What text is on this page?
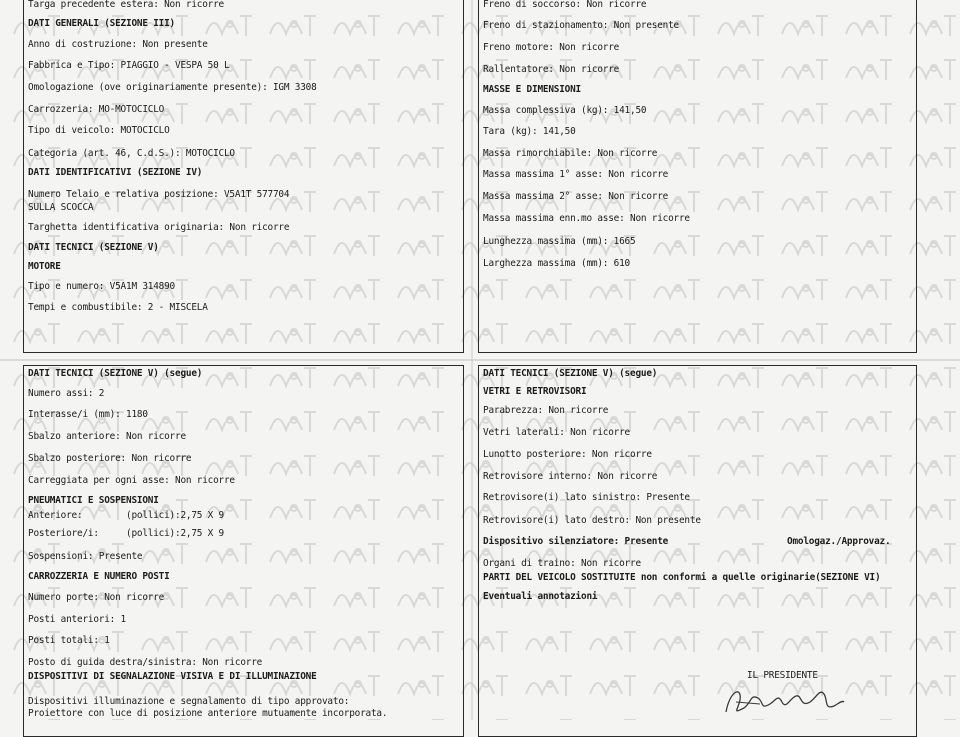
Targa precedente estera: Non ricorre
DATI GENERALI (SEZIONE III)
Anno di costruzione: Non presente
Fabbrica e Tipo: PIAGGIO - VESPA 50 L
Omologazione (ove originariamente presente): IGM 3308
Carrozzeria: MO-MOTOCICLO
Tipo di veicolo: MOTOCICLO
Categoria (art. 46, C.d.S.): MOTOCICLO
DATI IDENTIFICATIVI (SEZIONE IV)
Numero Telaio e relativa posizione: V5A1T 577704
SULLA SCOCCA
Targhetta identificativa originaria: Non ricorre
DATI TECNICI (SEZIONE V)
MOTORE
Tipo e numero: V5A1M 314890
Tempi e combustibile: 2 - MISCELA
Freno di soccorso: Non ricorre
Freno di stazionamento: Non presente
Freno motore: Non ricorre
Rallentatore: Non ricorre
MASSE E DIMENSIONI
Massa complessiva (kg): 141,50
Tara (kg): 141,50
Massa rimorchiabile: Non ricorre
Massa massima 1° asse: Non ricorre
Massa massima 2° asse: Non ricorre
Massa massima enn.mo asse: Non ricorre
Lunghezza massima (mm): 1665
Larghezza massima (mm): 610
DATI TECNICI (SEZIONE V) (segue)
Numero assi: 2
Interasse/i (mm): 1180
Sbalzo anteriore: Non ricorre
Sbalzo posteriore: Non ricorre
Carreggiata per ogni asse: Non ricorre
PNEUMATICI E SOSPENSIONI
Anteriore:        (pollici):2,75 X 9
Posteriore/i:     (pollici):2,75 X 9
Sospensioni: Presente
CARROZZERIA E NUMERO POSTI
Numero porte: Non ricorre
Posti anteriori: 1
Posti totali: 1
Posto di guida destra/sinistra: Non ricorre
DISPOSITIVI DI SEGNALAZIONE VISIVA E DI ILLUMINAZIONE
Dispositivi illuminazione e segnalamento di tipo approvato:
Proiettore con luce di posizione anteriore mutuamente incorporata.
DATI TECNICI (SEZIONE V) (segue)
VETRI E RETROVISORI
Parabrezza: Non ricorre
Vetri laterali: Non ricorre
Lunotto posteriore: Non ricorre
Retrovisore interno: Non ricorre
Retrovisore(i) lato sinistro: Presente
Retrovisore(i) lato destro: Non presente
Dispositivo silenziatore: Presente	Omologaz./Approvaz.
Organi di traino: Non ricorre
PARTI DEL VEICOLO SOSTITUITE non conformi a quelle originarie(SEZIONE VI)
Eventuali annotazioni
IL PRESIDENTE
